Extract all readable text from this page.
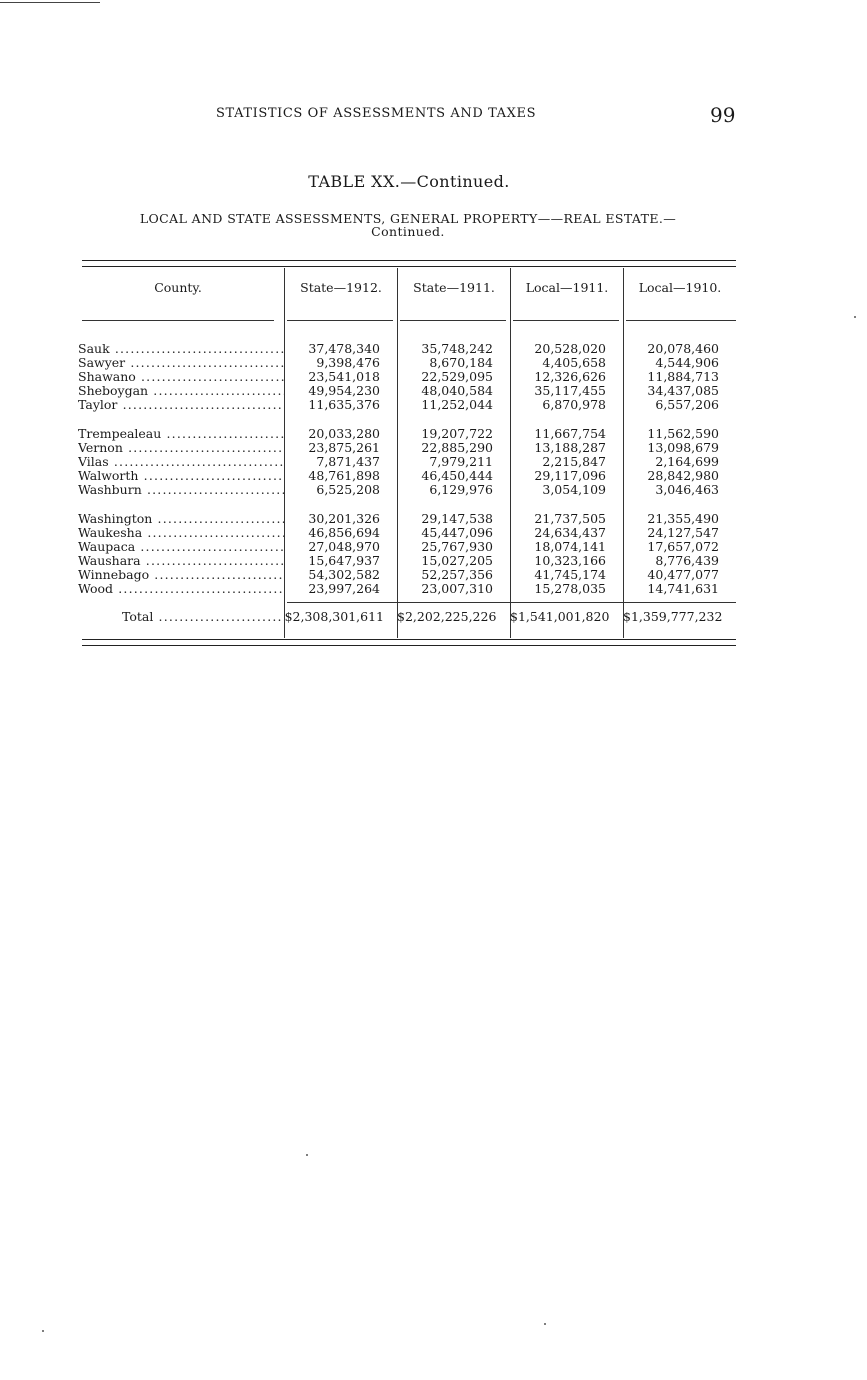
STATISTICS OF ASSESSMENTS AND TAXES	99
TABLE XX.—Continued.
LOCAL AND STATE ASSESSMENTS, GENERAL PROPERTY——REAL ESTATE.—
Continued.
County.	State—1912.	State—1911.	Local—1911.	Local—1910.
Sauk .....	37,478,340	35,748,242	20,528,020	20,078,460
Sawyer .....	9,398,476	8,670,184	4,405,658	4,544,906
Shawano .....	23,541,018	22,529,095	12,326,626	11,884,713
Sheboygan .....	49,954,230	48,040,584	35,117,455	34,437,085
Taylor .....	11,635,376	11,252,044	6,870,978	6,557,206
Trempealeau .....	20,033,280	19,207,722	11,667,754	11,562,590
Vernon .....	23,875,261	22,885,290	13,188,287	13,098,679
Vilas .....	7,871,437	7,979,211	2,215,847	2,164,699
Walworth .....	48,761,898	46,450,444	29,117,096	28,842,980
Washburn .....	6,525,208	6,129,976	3,054,109	3,046,463
Washington .....	30,201,326	29,147,538	21,737,505	21,355,490
Waukesha .....	46,856,694	45,447,096	24,634,437	24,127,547
Waupaca .....	27,048,970	25,767,930	18,074,141	17,657,072
Waushara .....	15,647,937	15,027,205	10,323,166	8,776,439
Winnebago .....	54,302,582	52,257,356	41,745,174	40,477,077
Wood .....	23,997,264	23,007,310	15,278,035	14,741,631
Total .....	$2,308,301,611 $2,202,225,226 $1,541,001,820 $1,359,777,232
